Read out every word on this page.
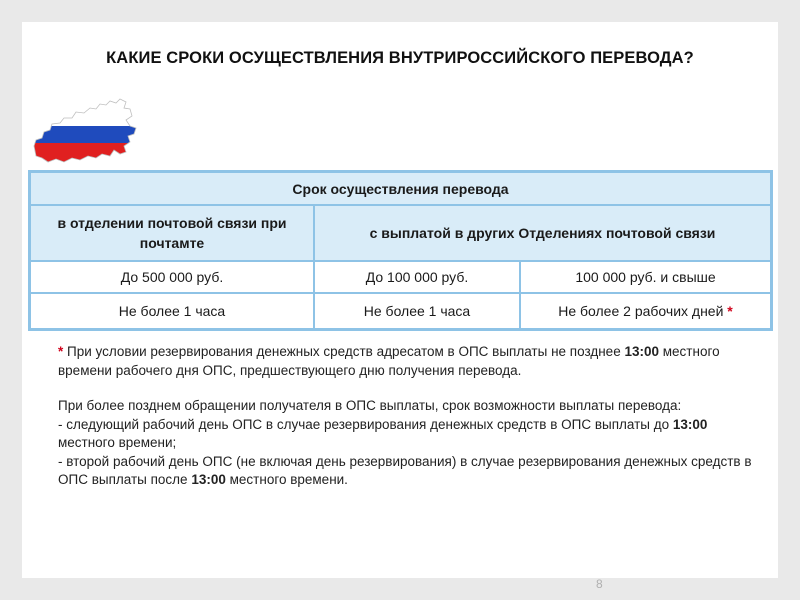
КАКИЕ СРОКИ ОСУЩЕСТВЛЕНИЯ ВНУТРИРОССИЙСКОГО ПЕРЕВОДА?
Срок осуществления перевода		
в отделении почтовой связи при почтамте	с выплатой в других Отделениях почтовой связи	
До 500 000 руб.	До 100 000 руб.	100 000 руб. и свыше
Не более 1 часа	Не более 1 часа	Не более 2 рабочих дней *

* При условии резервирования денежных средств адресатом в ОПС выплаты не позднее 13:00 местного времени рабочего дня ОПС, предшествующего дню получения перевода.

При более позднем обращении получателя в ОПС выплаты, срок возможности выплаты перевода:

- следующий рабочий день ОПС в случае резервирования денежных средств в ОПС выплаты до 13:00 местного времени;

- второй рабочий день ОПС (не включая день резервирования) в случае резервирования денежных средств в ОПС выплаты после 13:00 местного времени.

8
